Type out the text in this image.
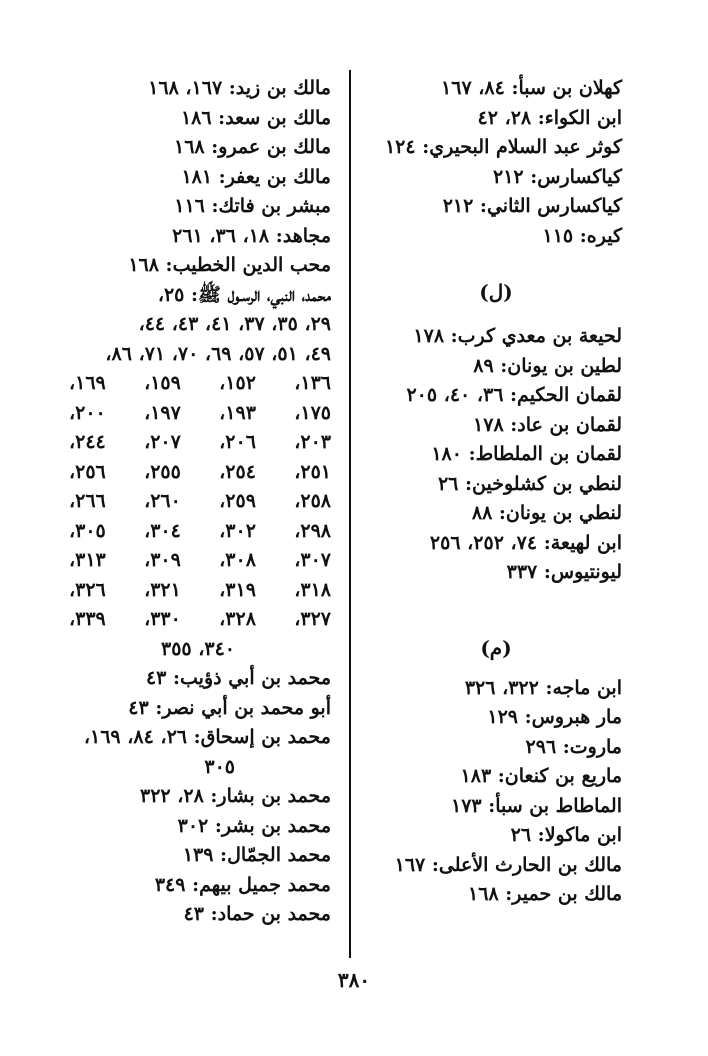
كهلان بن سبأ: ٨٤، ١٦٧
ابن الكواء: ٢٨، ٤٢
كوثر عبد السلام البحيري: ١٢٤
كياكسارس: ٢١٢
كياكسارس الثاني: ٢١٢
كيره: ١١٥
(ل)
لحيعة بن معدي كرب: ١٧٨
لطين بن يونان: ٨٩
لقمان الحكيم: ٣٦، ٤٠، ٢٠٥
لقمان بن عاد: ١٧٨
لقمان بن الملطاط: ١٨٠
لنطي بن كشلوخين: ٢٦
لنطي بن يونان: ٨٨
ابن لهيعة: ٧٤، ٢٥٢، ٢٥٦
ليونتيوس: ٣٣٧
(م)
ابن ماجه: ٣٢٢، ٣٢٦
مار هبروس: ١٢٩
ماروت: ٢٩٦
ماريع بن كنعان: ١٨٣
الماطاط بن سبأ: ١٧٣
ابن ماكولا: ٢٦
مالك بن الحارث الأعلى: ١٦٧
مالك بن حمير: ١٦٨
مالك بن زيد: ١٦٧، ١٦٨
مالك بن سعد: ١٨٦
مالك بن عمرو: ١٦٨
مالك بن يعفر: ١٨١
مبشر بن فاتك: ١١٦
مجاهد: ١٨، ٣٦، ٢٦١
محب الدين الخطيب: ١٦٨
محمد، النبي، الرسـول ﷺ: ٢٥،
٢٩، ٣٥، ٣٧، ٤١، ٤٣، ٤٤،
٤٩، ٥١، ٥٧، ٦٩، ٧٠، ٧١، ٨٦،
١٣٦،
١٥٢،
١٥٩،
١٦٩،
١٧٥،
١٩٣،
١٩٧،
٢٠٠،
٢٠٣،
٢٠٦،
٢٠٧،
٢٤٤،
٢٥١،
٢٥٤،
٢٥٥،
٢٥٦،
٢٥٨،
٢٥٩،
٢٦٠،
٢٦٦،
٢٩٨،
٣٠٢،
٣٠٤،
٣٠٥،
٣٠٧،
٣٠٨،
٣٠٩،
٣١٣،
٣١٨،
٣١٩،
٣٢١،
٣٢٦،
٣٢٧،
٣٢٨،
٣٣٠،
٣٣٩،
٣٤٠، ٣٥٥
محمد بن أبي ذؤيب: ٤٣
أبو محمد بن أبي نصر: ٤٣
محمد بن إسحاق: ٢٦، ٨٤، ١٦٩،
٣٠٥
محمد بن بشار: ٢٨، ٣٢٢
محمد بن بشر: ٣٠٢
محمد الجمّال: ١٣٩
محمد جميل بيهم: ٣٤٩
محمد بن حماد: ٤٣
٣٨٠
